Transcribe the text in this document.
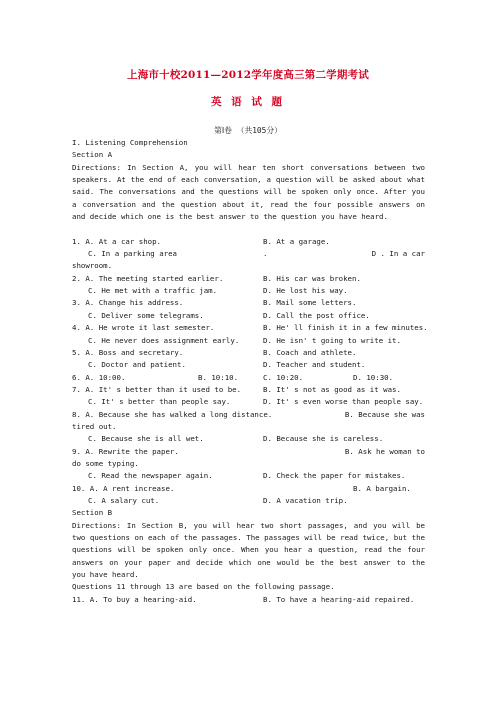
上海市十校2011—2012学年度高三第二学期考试
英 语 试 题
第Ⅰ卷 （共105分）
I. Listening Comprehension
Section A
Directions: In Section A, you will hear ten short conversations between two
speakers. At the end of each conversation, a question will be asked about what
said. The conversations and the questions will be spoken only once. After you
a conversation and the question about it, read the four possible answers on
and decide which one is the best answer to the question you have heard.
1. A. At a car shop.	B. At a garage.
C. In a parking area	.	D . In a car
showroom.
2. A. The meeting started earlier.	B. His car was broken.
C. He met with a traffic jam.	D. He lost his way.
3. A. Change his address.	B. Mail some letters.
C. Deliver some telegrams.	D. Call the post office.
4. A. He wrote it last semester.	B. He' ll finish it in a few minutes.
C. He never does assignment early.	D. He isn' t going to write it.
5. A. Boss and secretary.	B. Coach and athlete.
C. Doctor and patient.	D. Teacher and student.
6. A. 10:00.	B. 10:10.	C. 10:20.	D. 10:30.
7. A. It' s better than it used to be.	B. It' s not as good as it was.
C. It' s better than people say.	D. It' s even worse than people say.
8. A. Because she has walked a long distance.	B. Because she was
tired out.
C. Because she is all wet.	D. Because she is careless.
9. A. Rewrite the paper.	B. Ask he woman to
do some typing.
C. Read the newspaper again.	D. Check the paper for mistakes.
10. A. A rent increase.	B. A bargain.
C. A salary cut.	D. A vacation trip.
Section B
Directions: In Section B, you will hear two short passages, and you will be
two questions on each of the passages. The passages will be read twice, but the
questions will be spoken only once. When you hear a question, read the four
answers on your paper and decide which one would be the best answer to the
you have heard.
Questions 11 through 13 are based on the following passage.
11. A. To buy a hearing-aid.	B. To have a hearing-aid repaired.
